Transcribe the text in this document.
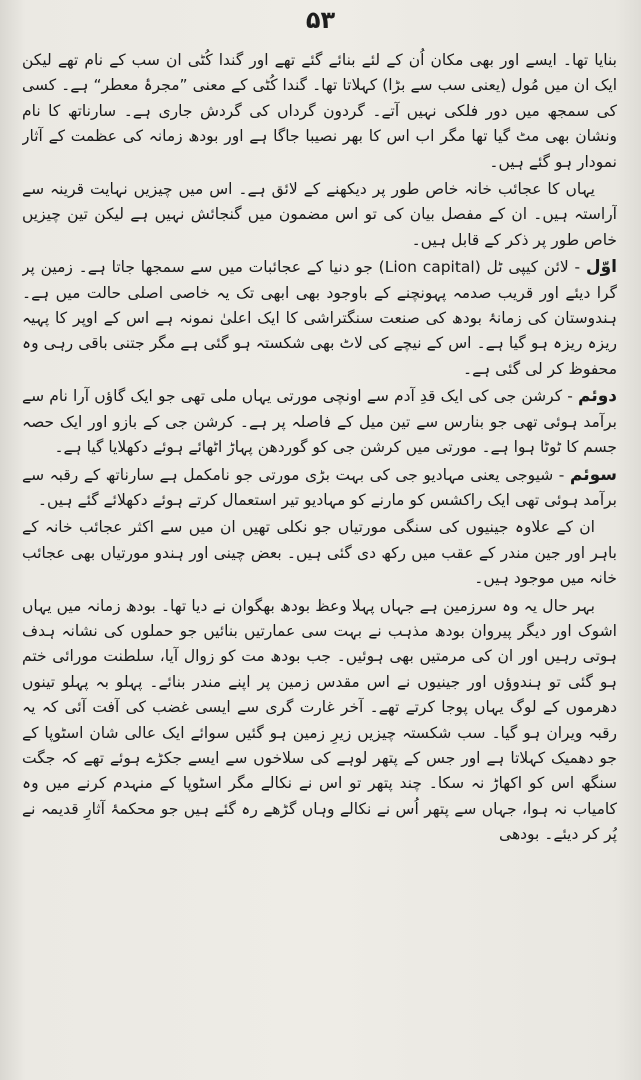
۵۳

بنایا تھا۔ ایسے اور بھی مکان اُن کے لئے بنائے گئے تھے اور گندا کُٹی ان سب کے نام تھے لیکن ایک ان میں مُول (یعنی سب سے بڑا) کہلاتا تھا۔ گندا کُٹی کے معنی ”مجرۂ معطر“ ہے۔ کسی کی سمجھ میں دور فلکی نہیں آتے۔ گردون گرداں کی گردش جاری ہے۔ سارناتھ کا نام ونشان بھی مٹ گیا تھا مگر اب اس کا بھر نصیبا جاگا ہے اور بودھ زمانہ کی عظمت کے آثار نمودار ہو گئے ہیں۔

یہاں کا عجائب خانہ خاص طور پر دیکھنے کے لائق ہے۔ اس میں چیزیں نہایت قرینہ سے آراستہ ہیں۔ ان کے مفصل بیان کی تو اس مضمون میں گنجائش نہیں ہے لیکن تین چیزیں خاص طور پر ذکر کے قابل ہیں۔

اوّل - لائن کیپی ٹل (Lion capital) جو دنیا کے عجائبات میں سے سمجھا جاتا ہے۔ زمین پر گرا دیئے اور قریب صدمہ پہونچنے کے باوجود بھی ابھی تک یہ خاصی اصلی حالت میں ہے۔ ہندوستان کی زمانۂ بودھ کی صنعت سنگتراشی کا ایک اعلیٰ نمونہ ہے اس کے اوپر کا پہیہ ریزہ ریزہ ہو گیا ہے۔ اس کے نیچے کی لاٹ بھی شکستہ ہو گئی ہے مگر جتنی باقی رہی وہ محفوظ کر لی گئی ہے۔

دوئم - کرشن جی کی ایک قدِ آدم سے اونچی مورتی یہاں ملی تھی جو ایک گاؤں آرا نام سے برآمد ہوئی تھی جو بنارس سے تین میل کے فاصلہ پر ہے۔ کرشن جی کے بازو اور ایک حصہ جسم کا ٹوٹا ہوا ہے۔ مورتی میں کرشن جی کو گوردھن پہاڑ اٹھائے ہوئے دکھلایا گیا ہے۔

سوئم - شیوجی یعنی مہادیو جی کی بہت بڑی مورتی جو نامکمل ہے سارناتھ کے رقبہ سے برآمد ہوئی تھی ایک راکشس کو مارنے کو مہادیو تیر استعمال کرتے ہوئے دکھلائے گئے ہیں۔

ان کے علاوہ جینیوں کی سنگی مورتیاں جو نکلی تھیں ان میں سے اکثر عجائب خانہ کے باہر اور جین مندر کے عقب میں رکھ دی گئی ہیں۔ بعض چینی اور ہندو مورتیاں بھی عجائب خانہ میں موجود ہیں۔

بہر حال یہ وہ سرزمین ہے جہاں پہلا وعظ بودھ بھگوان نے دیا تھا۔ بودھ زمانہ میں یہاں اشوک اور دیگر پیروان بودھ مذہب نے بہت سی عمارتیں بنائیں جو حملوں کی نشانہ ہدف ہوتی رہیں اور ان کی مرمتیں بھی ہوئیں۔ جب بودھ مت کو زوال آیا، سلطنت مورائی ختم ہو گئی تو ہندوؤں اور جینیوں نے اس مقدس زمین پر اپنے مندر بنائے۔ پہلو بہ پہلو تینوں دھرموں کے لوگ یہاں پوجا کرتے تھے۔ آخر غارت گری سے ایسی غضب کی آفت آئی کہ یہ رقبہ ویران ہو گیا۔ سب شکستہ چیزیں زیرِ زمین ہو گئیں سوائے ایک عالی شان اسٹوپا کے جو دھمیک کہلاتا ہے اور جس کے پتھر لوہے کی سلاخوں سے ایسے جکڑے ہوئے تھے کہ جگت سنگھ اس کو اکھاڑ نہ سکا۔ چند پتھر تو اس نے نکالے مگر اسٹوپا کے منہدم کرنے میں وہ کامیاب نہ ہوا، جہاں سے پتھر اُس نے نکالے وہاں گڑھے رہ گئے ہیں جو محکمۂ آثارِ قدیمہ نے پُر کر دیئے۔ بودھی
